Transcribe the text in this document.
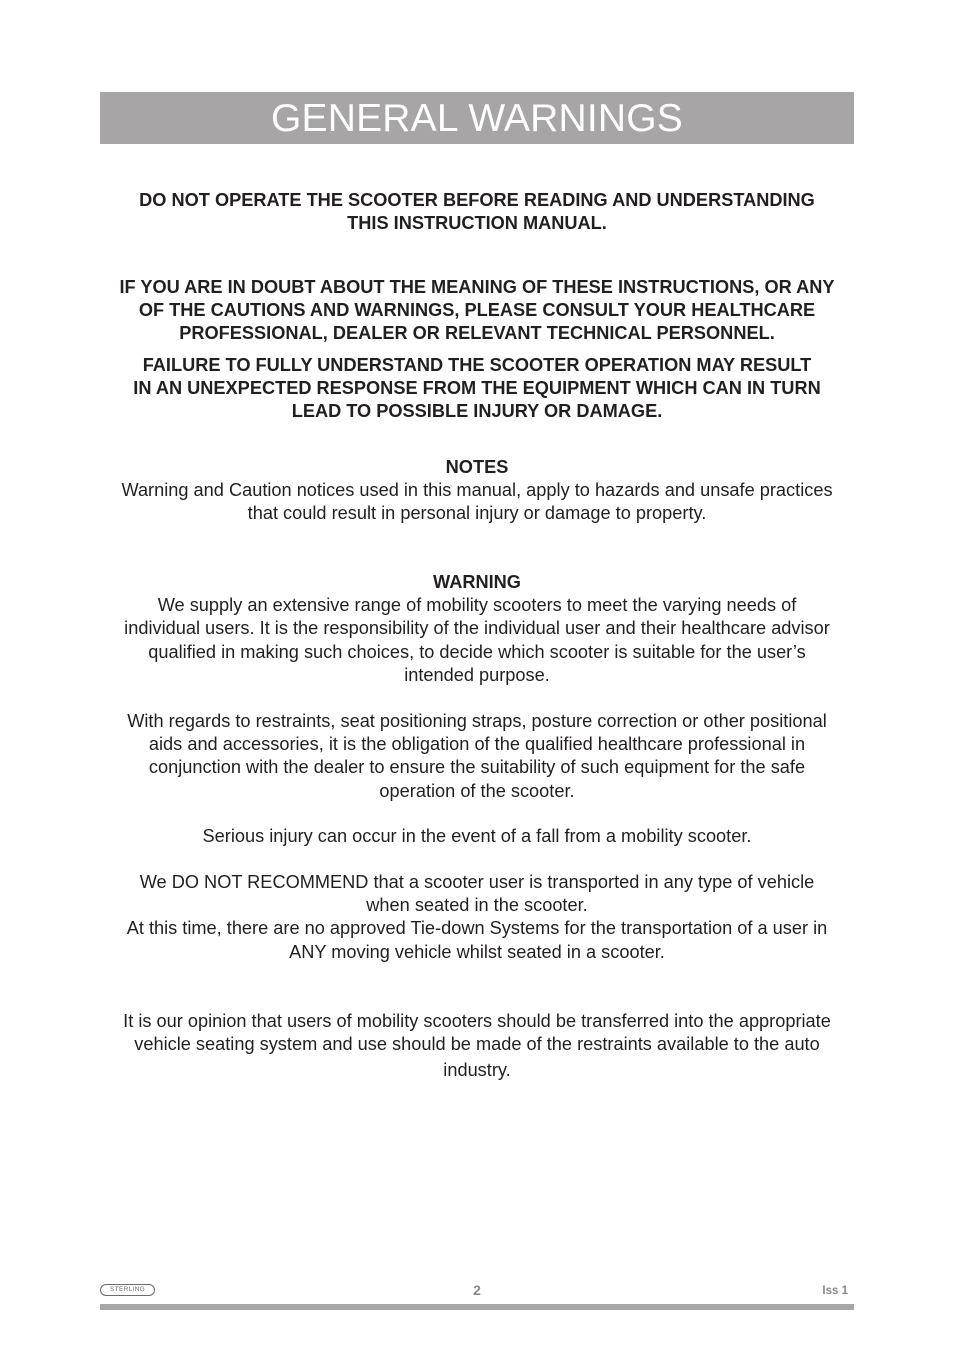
GENERAL WARNINGS
DO NOT OPERATE THE SCOOTER BEFORE READING AND UNDERSTANDING
THIS INSTRUCTION MANUAL.
IF YOU ARE IN DOUBT ABOUT THE MEANING OF THESE INSTRUCTIONS, OR ANY
OF THE CAUTIONS AND WARNINGS, PLEASE CONSULT YOUR HEALTHCARE
PROFESSIONAL, DEALER OR RELEVANT TECHNICAL PERSONNEL.
FAILURE TO FULLY UNDERSTAND THE SCOOTER OPERATION MAY RESULT
IN AN UNEXPECTED RESPONSE FROM THE EQUIPMENT WHICH CAN IN TURN
LEAD TO POSSIBLE INJURY OR DAMAGE.
NOTES
Warning and Caution notices used in this manual, apply to hazards and unsafe practices
that could result in personal injury or damage to property.
WARNING
We supply an extensive range of mobility scooters to meet the varying needs of
individual users. It is the responsibility of the individual user and their healthcare advisor
qualified in making such choices, to decide which scooter is suitable for the user’s
intended purpose.
With regards to restraints, seat positioning straps, posture correction or other positional
aids and accessories, it is the obligation of the qualified healthcare professional in
conjunction with the dealer to ensure the suitability of such equipment for the safe
operation of the scooter.
Serious injury can occur in the event of a fall from a mobility scooter.
We DO NOT RECOMMEND that a scooter user is transported in any type of vehicle
when seated in the scooter.
At this time, there are no approved Tie-down Systems for the transportation of a user in
ANY moving vehicle whilst seated in a scooter.
It is our opinion that users of mobility scooters should be transferred into the appropriate
vehicle seating system and use should be made of the restraints available to the auto
industry.
STERLING	2	Iss 1
